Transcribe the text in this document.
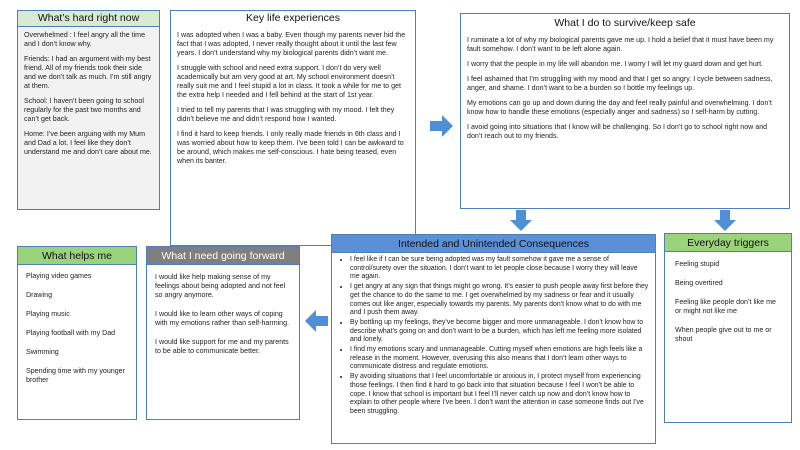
What’s hard right now

Overwhelmed : I feel angry all the time and I don’t know why.

Friends: I had an argument with my best friend. All of my friends took their side and we don’t talk as much. I’m still angry at them.

School: I haven’t been going to school regularly for the past two months and can’t get back.

Home: I’ve been arguing with my Mum and Dad a lot. I feel like they don’t understand me and don’t care about me.

Key life experiences

I was adopted when I was a baby. Even though my parents never hid the fact that I was adopted, I never really thought about it until the last few years. I don’t understand why my biological parents didn’t want me.

I struggle with school and need extra support. I don’t do very well academically but am very good at art. My school environment doesn’t really suit me and I feel stupid a lot in class. It took a while for me to get the extra help I needed and I fell behind at the start of 1st year.

I tried to tell my parents that I was struggling with my mood. I felt they didn’t believe me and didn’t respond how I wanted.

I find it hard to keep friends. I only really made friends in 6th class and I was worried about how to keep them. I’ve been told I can be awkward to be around, which makes me self-conscious. I hate being teased, even when its banter.

What I do to survive/keep safe

I ruminate a lot of why my biological parents gave me up. I hold a belief that it must have been my fault somehow. I don’t want to be left alone again.

I worry that the people in my life will abandon me. I worry I will let my guard down and get hurt.

I feel ashamed that I’m struggling with my mood and that I get so angry. I cycle between sadness, anger, and shame. I don’t want to be a burden so I bottle my feelings up.

My emotions can go up and down during the day and feel really painful and overwhelming. I don’t know how to handle these emotions (especially anger and sadness) so I self-harm by cutting.

I avoid going into situations that I know will be challenging. So I don’t go to school right now and don’t reach out to my friends.

Intended and Unintended Consequences
• I feel like if I can be sure being adopted was my fault somehow it gave me a sense of control/surety over the situation. I don’t want to let people close because I worry they will leave me again.
• I get angry at any sign that things might go wrong. It’s easier to push people away first before they get the chance to do the same to me. I get overwhelmed by my sadness or fear and it usually comes out like anger, especially towards my parents. My parents don’t know what to do with me and I push them away.
• By bottling up my feelings, they’ve become bigger and more unmanageable. I don’t know how to describe what’s going on and don’t want to be a burden, which has left me feeling more isolated and lonely.
• I find my emotions scary and unmanageable. Cutting myself when emotions are high feels like a release in the moment. However, overusing this also means that I don’t learn other ways to communicate distress and regulate emotions.
• By avoiding situations that I feel uncomfortable or anxious in, I protect myself from experiencing those feelings. I then find it hard to go back into that situation because I feel I won’t be able to cope. I know that school is important but I feel I’ll never catch up now and don’t know how to explain to other people where I’ve been. I don’t want the attention in case someone finds out I’ve been struggling.
Everyday triggers

Feeling stupid

Being overtired

Feeling like people don’t like me or might not like me

When people give out to me or shout

What I need going forward

I would like help making sense of my feelings about being adopted and not feel so angry anymore.

I would like to learn other ways of coping with my emotions rather than self-harming.

I would like support for me and my parents to be able to communicate better.

What helps me

Playing video games

Drawing

Playing music

Playing football with my Dad

Swimming

Spending time with my younger brother
